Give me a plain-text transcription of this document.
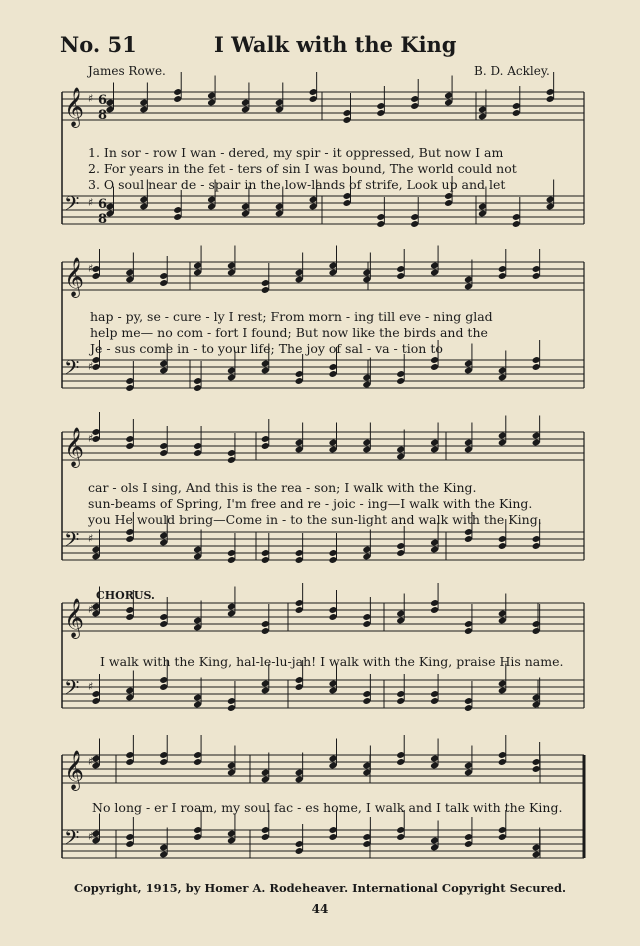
No. 51	I Walk with the King
James Rowe.	B. D. Ackley.
𝄞 ♯
𝄢 ♯
6
8
6
8
𝄞 ♯
𝄢 ♯
𝄞 ♯
𝄢 ♯
𝄞 ♯
𝄢 ♯
𝄞 ♯
𝄢 ♯
1. In sor - row I wan - dered, my spir - it oppressed, But now I am
2. For years in the fet - ters of sin I was bound, The world could not
3. O soul near de - spair in the low-lands of strife, Look up and let
hap - py, se - cure - ly I rest; From morn - ing till eve - ning glad
help me— no com - fort I found; But now like the birds and the
Je - sus come in - to your life; The joy of sal - va - tion to
car - ols I sing, And this is the rea - son; I walk with the King.
sun-beams of Spring, I'm free and re - joic - ing—I walk with the King.
you He would bring—Come in - to the sun-light and walk with the King.
CHORUS.
I walk with the King, hal-le-lu-jah! I walk with the King, praise His name.
No long - er I roam, my soul fac - es home, I walk and I talk with the King.
Copyright, 1915, by Homer A. Rodeheaver. International Copyright Secured.
44
